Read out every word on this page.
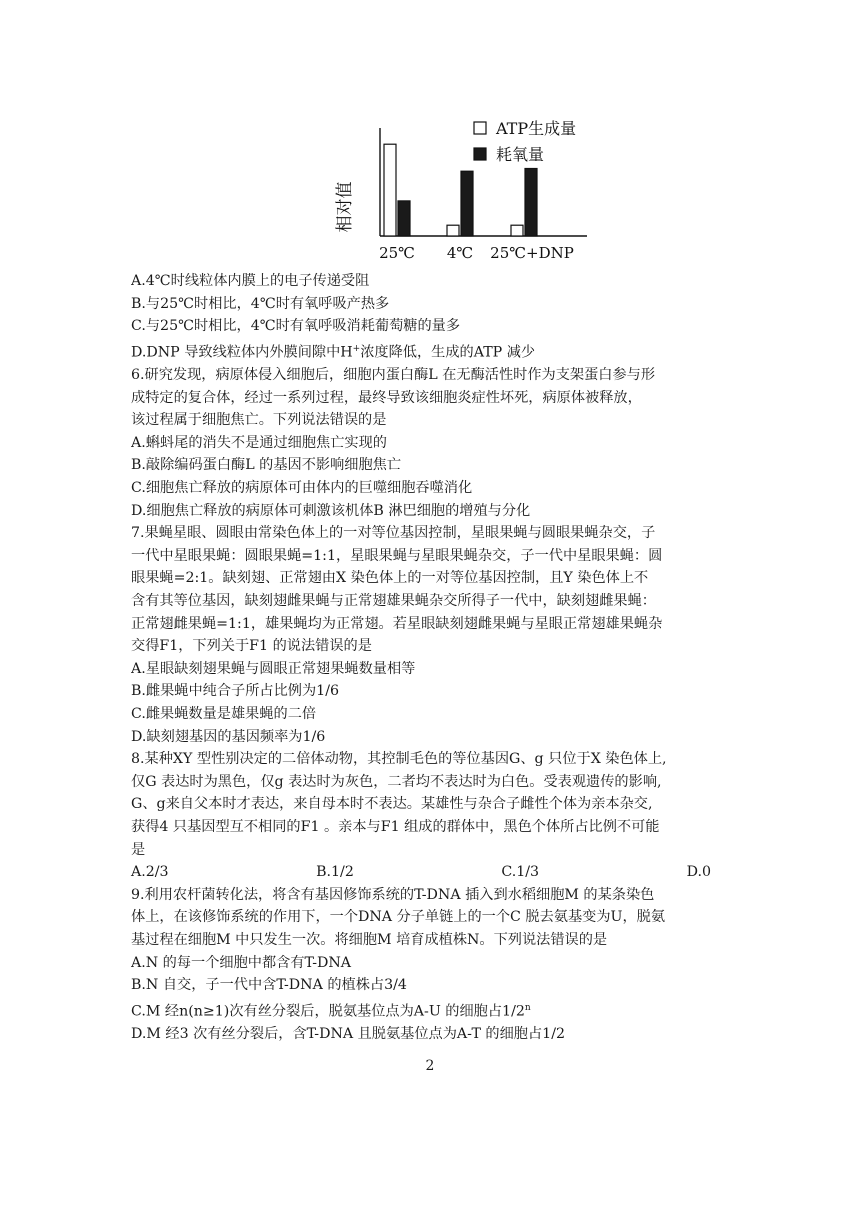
相对值
25℃ 4℃ 25℃+DNP
ATP生成量
耗氧量
A.4℃时线粒体内膜上的电子传递受阻
B.与25℃时相比，4℃时有氧呼吸产热多
C.与25℃时相比，4℃时有氧呼吸消耗葡萄糖的量多
D.DNP 导致线粒体内外膜间隙中H+浓度降低，生成的ATP 减少
6.研究发现，病原体侵入细胞后，细胞内蛋白酶L 在无酶活性时作为支架蛋白参与形
成特定的复合体，经过一系列过程，最终导致该细胞炎症性坏死，病原体被释放，
该过程属于细胞焦亡。下列说法错误的是
A.蝌蚪尾的消失不是通过细胞焦亡实现的
B.敲除编码蛋白酶L 的基因不影响细胞焦亡
C.细胞焦亡释放的病原体可由体内的巨噬细胞吞噬消化
D.细胞焦亡释放的病原体可刺激该机体B 淋巴细胞的增殖与分化
7.果蝇星眼、圆眼由常染色体上的一对等位基因控制，星眼果蝇与圆眼果蝇杂交，子
一代中星眼果蝇：圆眼果蝇=1:1，星眼果蝇与星眼果蝇杂交，子一代中星眼果蝇：圆
眼果蝇=2:1。缺刻翅、正常翅由X 染色体上的一对等位基因控制，且Y 染色体上不
含有其等位基因，缺刻翅雌果蝇与正常翅雄果蝇杂交所得子一代中，缺刻翅雌果蝇：
正常翅雌果蝇=1:1，雄果蝇均为正常翅。若星眼缺刻翅雌果蝇与星眼正常翅雄果蝇杂
交得F1，下列关于F1 的说法错误的是
A.星眼缺刻翅果蝇与圆眼正常翅果蝇数量相等
B.雌果蝇中纯合子所占比例为1/6
C.雌果蝇数量是雄果蝇的二倍
D.缺刻翅基因的基因频率为1/6
8.某种XY 型性别决定的二倍体动物，其控制毛色的等位基因G、g 只位于X 染色体上,
仅G 表达时为黑色，仅g 表达时为灰色，二者均不表达时为白色。受表观遗传的影响,
G、g来自父本时才表达，来自母本时不表达。某雄性与杂合子雌性个体为亲本杂交,
获得4 只基因型互不相同的F1 。亲本与F1 组成的群体中，黑色个体所占比例不可能
是
A.2/3	B.1/2	C.1/3	D.0
9.利用农杆菌转化法，将含有基因修饰系统的T-DNA 插入到水稻细胞M 的某条染色
体上，在该修饰系统的作用下，一个DNA 分子单链上的一个C 脱去氨基变为U，脱氨
基过程在细胞M 中只发生一次。将细胞M 培育成植株N。下列说法错误的是
A.N 的每一个细胞中都含有T-DNA
B.N 自交，子一代中含T-DNA 的植株占3/4
C.M 经n(n≥1)次有丝分裂后，脱氨基位点为A-U 的细胞占1/2$^n$
D.M 经3 次有丝分裂后，含T-DNA 且脱氨基位点为A-T 的细胞占1/2
2
